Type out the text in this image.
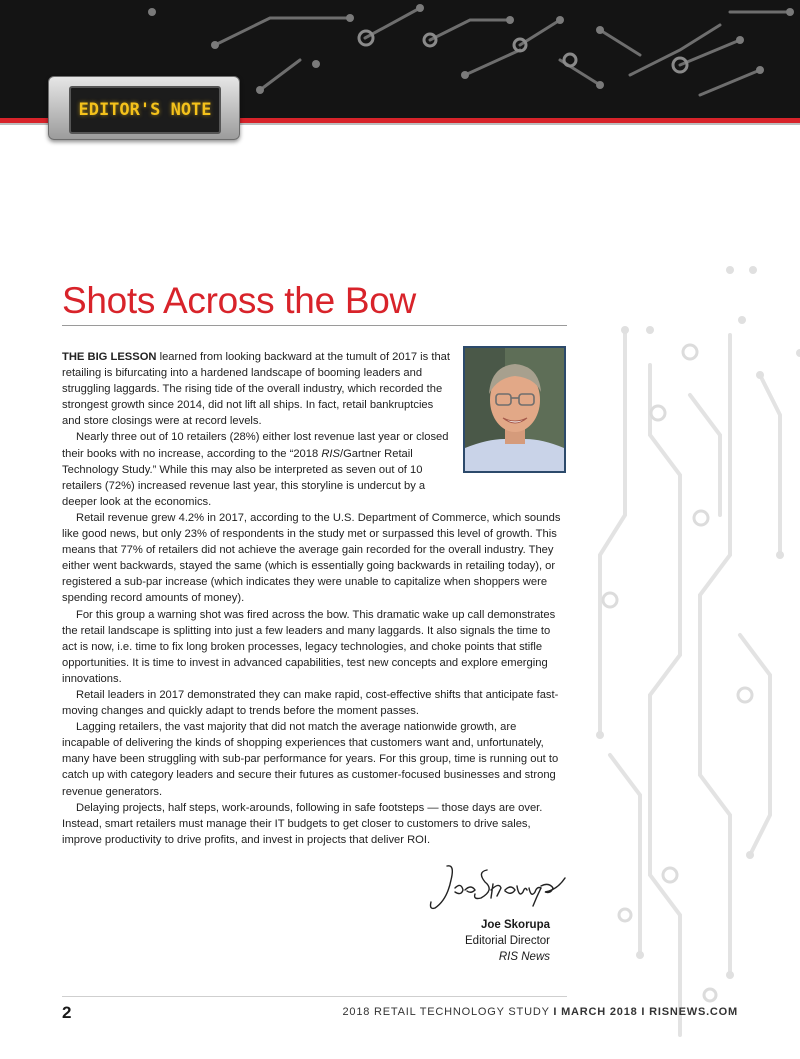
EDITOR'S NOTE
Shots Across the Bow

THE BIG LESSON learned from looking backward at the tumult of 2017 is that retailing is bifurcating into a hardened landscape of booming leaders and struggling laggards. The rising tide of the overall industry, which recorded the strongest growth since 2014, did not lift all ships. In fact, retail bankruptcies and store closings were at record levels.

Nearly three out of 10 retailers (28%) either lost revenue last year or closed their books with no increase, according to the “2018 RIS/Gartner Retail Technology Study.” While this may also be interpreted as seven out of 10 retailers (72%) increased revenue last year, this storyline is undercut by a deeper look at the economics.

Retail revenue grew 4.2% in 2017, according to the U.S. Department of Commerce, which sounds like good news, but only 23% of respondents in the study met or surpassed this level of growth. This means that 77% of retailers did not achieve the average gain recorded for the overall industry. They either went backwards, stayed the same (which is essentially going backwards in retailing today), or registered a sub-par increase (which indicates they were unable to capitalize when shoppers were spending record amounts of money).

For this group a warning shot was fired across the bow. This dramatic wake up call demonstrates the retail landscape is splitting into just a few leaders and many laggards. It also signals the time to act is now, i.e. time to fix long broken processes, legacy technologies, and choke points that stifle opportunities. It is time to invest in advanced capabilities, test new concepts and explore emerging innovations.

Retail leaders in 2017 demonstrated they can make rapid, cost-effective shifts that anticipate fast-moving changes and quickly adapt to trends before the moment passes.

Lagging retailers, the vast majority that did not match the average nationwide growth, are incapable of delivering the kinds of shopping experiences that customers want and, unfortunately, many have been struggling with sub-par performance for years. For this group, time is running out to catch up with category leaders and secure their futures as customer-focused businesses and strong revenue generators.

Delaying projects, half steps, work-arounds, following in safe footsteps — those days are over. Instead, smart retailers must manage their IT budgets to get closer to customers to drive sales, improve productivity to drive profits, and invest in projects that deliver ROI.

Joe Skorupa
Editorial Director
RIS News
2	2018 RETAIL TECHNOLOGY STUDY I MARCH 2018 I RISNEWS.COM
